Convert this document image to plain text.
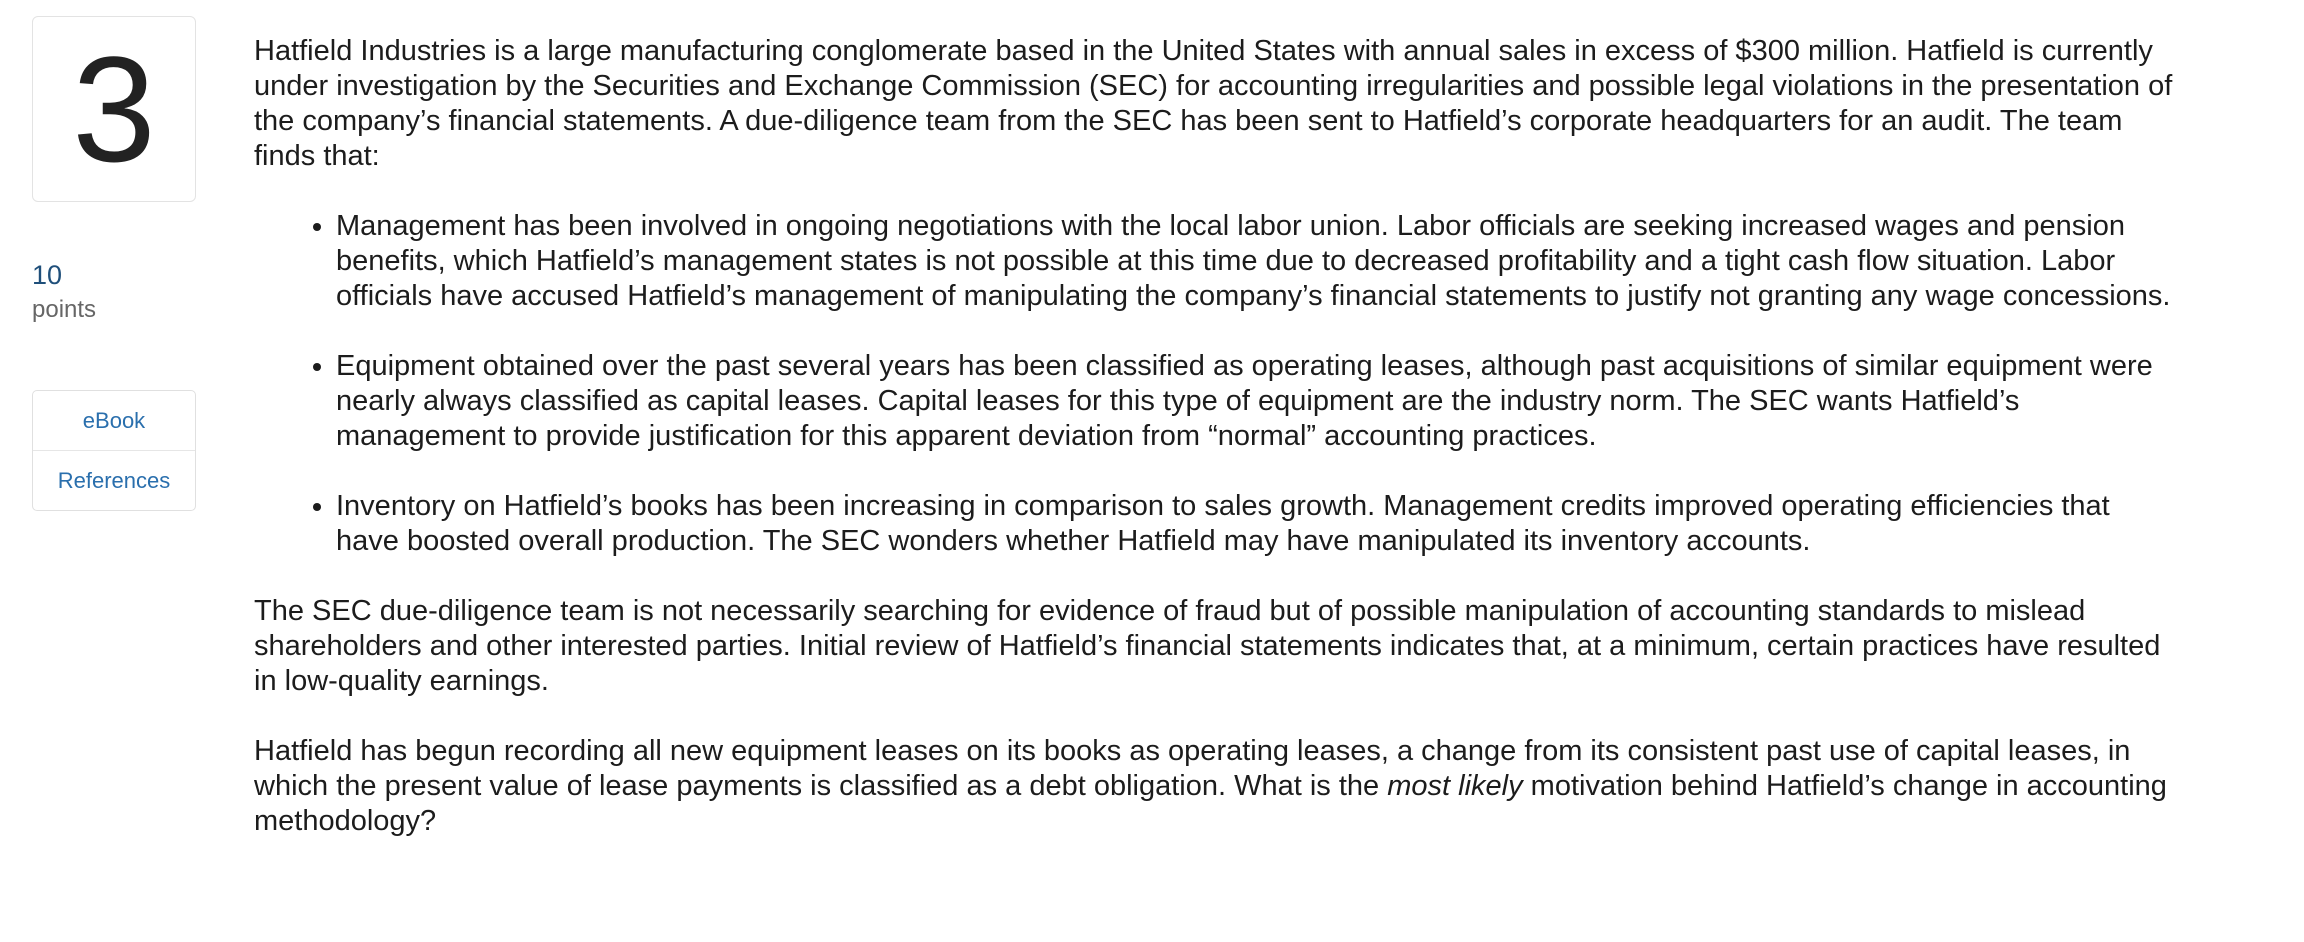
3
10
points
eBook
References

Hatfield Industries is a large manufacturing conglomerate based in the United States with annual sales in excess of $300 million. Hatfield is currently under investigation by the Securities and Exchange Commission (SEC) for accounting irregularities and possible legal violations in the presentation of the company’s financial statements. A due-diligence team from the SEC has been sent to Hatfield’s corporate headquarters for an audit. The team finds that:

• Management has been involved in ongoing negotiations with the local labor union. Labor officials are seeking increased wages and pension benefits, which Hatfield’s management states is not possible at this time due to decreased profitability and a tight cash flow situation. Labor officials have accused Hatfield’s management of manipulating the company’s financial statements to justify not granting any wage concessions.
• Equipment obtained over the past several years has been classified as operating leases, although past acquisitions of similar equipment were nearly always classified as capital leases. Capital leases for this type of equipment are the industry norm. The SEC wants Hatfield’s management to provide justification for this apparent deviation from “normal” accounting practices.
• Inventory on Hatfield’s books has been increasing in comparison to sales growth. Management credits improved operating efficiencies that have boosted overall production. The SEC wonders whether Hatfield may have manipulated its inventory accounts.

The SEC due-diligence team is not necessarily searching for evidence of fraud but of possible manipulation of accounting standards to mislead shareholders and other interested parties. Initial review of Hatfield’s financial statements indicates that, at a minimum, certain practices have resulted in low-quality earnings.

Hatfield has begun recording all new equipment leases on its books as operating leases, a change from its consistent past use of capital leases, in which the present value of lease payments is classified as a debt obligation. What is the most likely motivation behind Hatfield’s change in accounting methodology?
